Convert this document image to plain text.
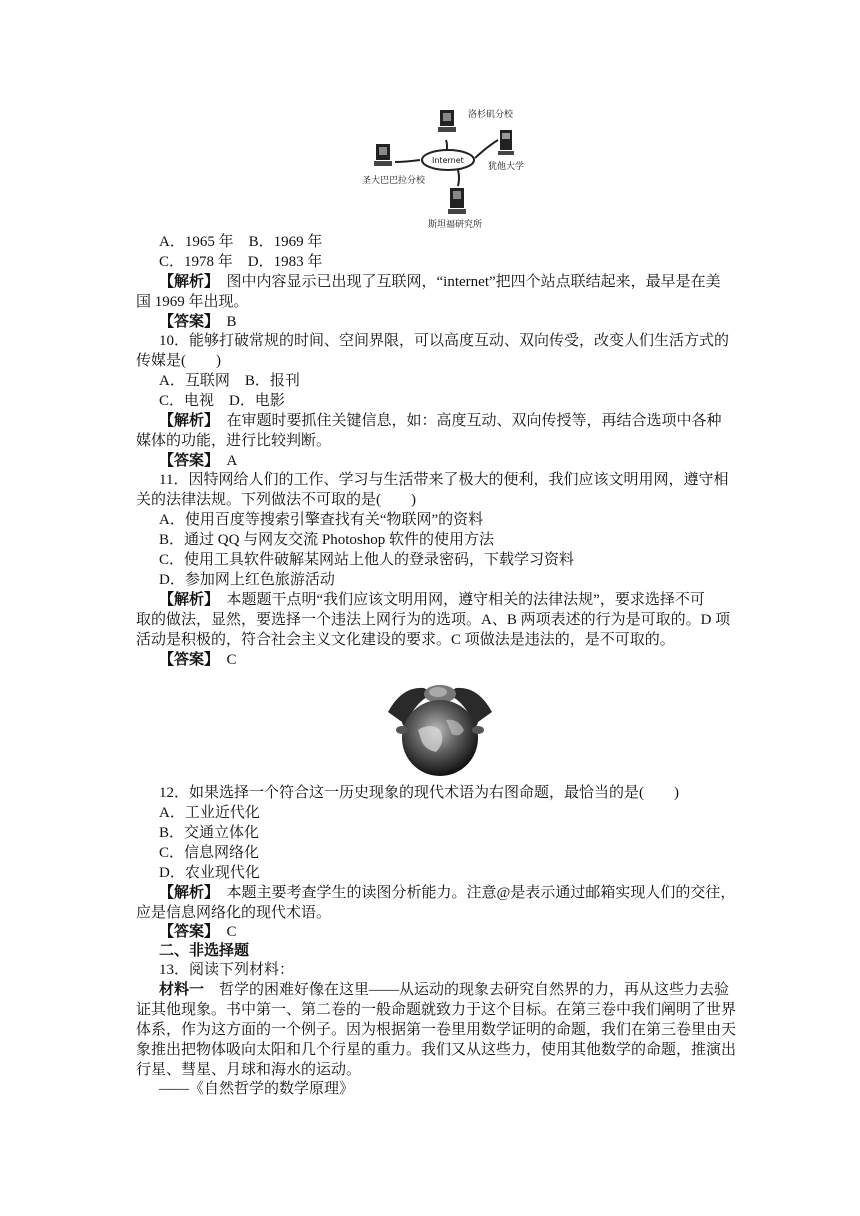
洛杉矶分校
Internet
犹他大学
圣大巴巴拉分校
斯坦福研究所
A．1965 年　B．1969 年
C．1978 年　D．1983 年
【解析】　图中内容显示已出现了互联网，“internet”把四个站点联结起来，最早是在美
国 1969 年出现。
【答案】　B
10．能够打破常规的时间、空间界限，可以高度互动、双向传受，改变人们生活方式的
传媒是(　　)
A．互联网　B．报刊
C．电视　D．电影
【解析】　在审题时要抓住关键信息，如：高度互动、双向传授等，再结合选项中各种
媒体的功能，进行比较判断。
【答案】　A
11．因特网给人们的工作、学习与生活带来了极大的便利，我们应该文明用网，遵守相
关的法律法规。下列做法不可取的是(　　)
A．使用百度等搜索引擎查找有关“物联网”的资料
B．通过 QQ 与网友交流 Photoshop 软件的使用方法
C．使用工具软件破解某网站上他人的登录密码，下载学习资料
D．参加网上红色旅游活动
【解析】　本题题干点明“我们应该文明用网，遵守相关的法律法规”，要求选择不可
取的做法，显然，要选择一个违法上网行为的选项。A、B 两项表述的行为是可取的。D 项
活动是积极的，符合社会主义文化建设的要求。C 项做法是违法的，是不可取的。
【答案】　C
12．如果选择一个符合这一历史现象的现代术语为右图命题，最恰当的是(　　)
A．工业近代化
B．交通立体化
C．信息网络化
D．农业现代化
【解析】　本题主要考查学生的读图分析能力。注意@是表示通过邮箱实现人们的交往，
应是信息网络化的现代术语。
【答案】　C
二、非选择题
13．阅读下列材料：
材料一　哲学的困难好像在这里——从运动的现象去研究自然界的力，再从这些力去验
证其他现象。书中第一、第二卷的一般命题就致力于这个目标。在第三卷中我们阐明了世界
体系，作为这方面的一个例子。因为根据第一卷里用数学证明的命题，我们在第三卷里由天
象推出把物体吸向太阳和几个行星的重力。我们又从这些力，使用其他数学的命题，推演出
行星、彗星、月球和海水的运动。
——《自然哲学的数学原理》
